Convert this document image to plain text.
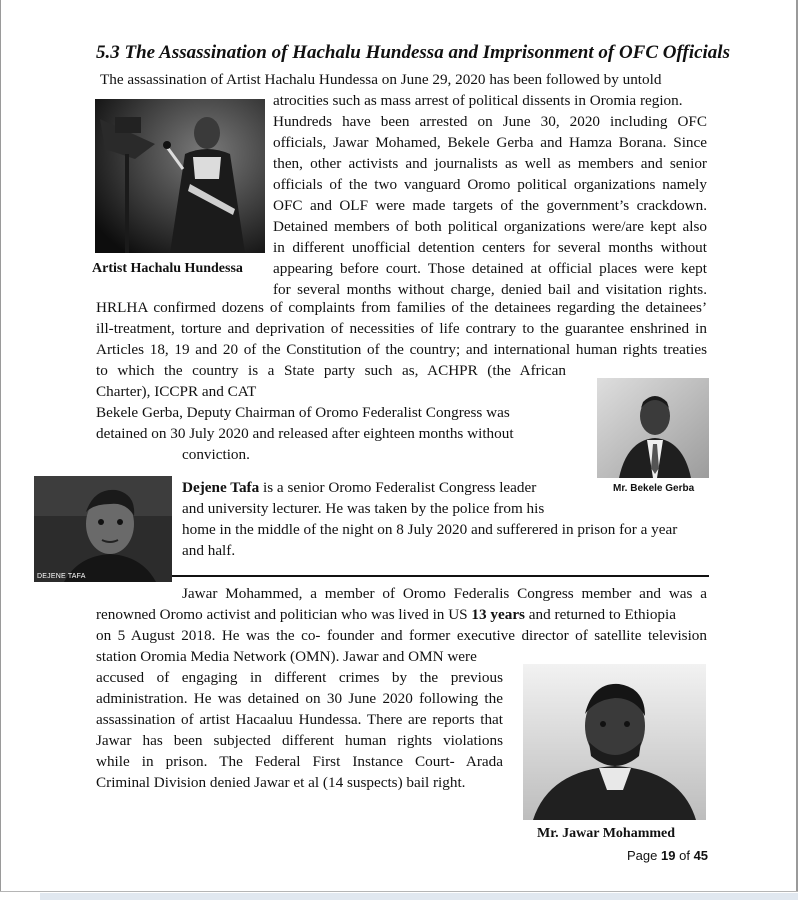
5.3 The Assassination of Hachalu Hundessa and Imprisonment of OFC Officials

The assassination of Artist Hachalu Hundessa on June 29, 2020 has been followed by untold

Artist Hachalu Hundessa

atrocities such as mass arrest of political dissents in Oromia region.

Hundreds have been arrested on June 30, 2020 including OFC

officials, Jawar Mohamed, Bekele Gerba and Hamza Borana. Since

then, other activists and journalists as well as members and senior

officials of the two vanguard Oromo political organizations namely

OFC and OLF were made targets of the government’s crackdown.

Detained members of both political organizations were/are kept also

in different unofficial detention centers for several months without

appearing before court. Those detained at official places were kept

for several months without charge, denied bail and visitation rights.

HRLHA confirmed dozens of complaints from families of the detainees regarding the detainees’

ill-treatment, torture and deprivation of necessities of life contrary to the guarantee enshrined in

Articles 18, 19 and 20 of the Constitution of the country; and international human rights treaties

to which the country is a State party such as, ACHPR (the African

Charter), ICCPR and CAT

Mr. Bekele Gerba

Bekele Gerba, Deputy Chairman of Oromo Federalist Congress was

detained on 30 July 2020 and released after eighteen months without

conviction.

DEJENE TAFA

Dejene Tafa is a senior Oromo Federalist Congress leader

and university lecturer. He was taken by the police from his

home in the middle of the night on 8 July 2020 and sufferered in prison for a year

and half.

Jawar Mohammed, a member of Oromo Federalis Congress member and was a

renowned Oromo activist and politician who was lived in US 13 years and returned to Ethiopia

on 5 August 2018. He was the co- founder and former executive director of satellite television

station Oromia Media Network (OMN). Jawar and OMN were

accused of engaging in different crimes by the previous

administration. He was detained on 30 June 2020 following the

assassination of artist Hacaaluu Hundessa. There are reports that

Jawar has been subjected different human rights violations

while in prison. The Federal First Instance Court- Arada

Criminal Division denied Jawar et al (14 suspects) bail right.

Mr. Jawar Mohammed

Page 19 of 45
